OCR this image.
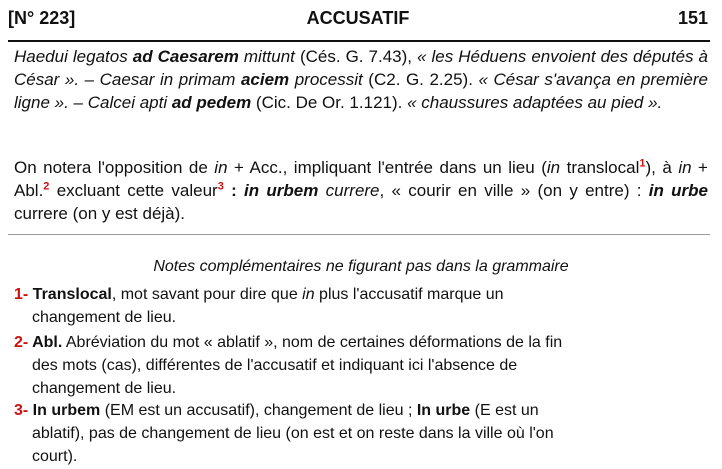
[N° 223]	ACCUSATIF	151
Haedui legatos ad Caesarem mittunt (Cés. G. 7.43), « les Héduens envoient des députés à César ». – Caesar in primam aciem processit (C2. G. 2.25). « César s'avança en première ligne ». – Calcei apti ad pedem (Cic. De Or. 1.121). « chaussures adaptées au pied ».
On notera l'opposition de in + Acc., impliquant l'entrée dans un lieu (in translocal$^1$), à in + Abl.$^2$ excluant cette valeur$^3$ : in urbem currere, « courir en ville » (on y entre) : in urbe currere (on y est déjà).
Notes complémentaires ne figurant pas dans la grammaire
1- Translocal, mot savant pour dire que in plus l'accusatif marque un
changement de lieu.
2- Abl. Abréviation du mot « ablatif », nom de certaines déformations de la fin
des mots (cas), différentes de l'accusatif et indiquant ici l'absence de
changement de lieu.
3- In urbem (EM est un accusatif), changement de lieu ; In urbe (E est un
ablatif), pas de changement de lieu (on est et on reste dans la ville où l'on
court).
